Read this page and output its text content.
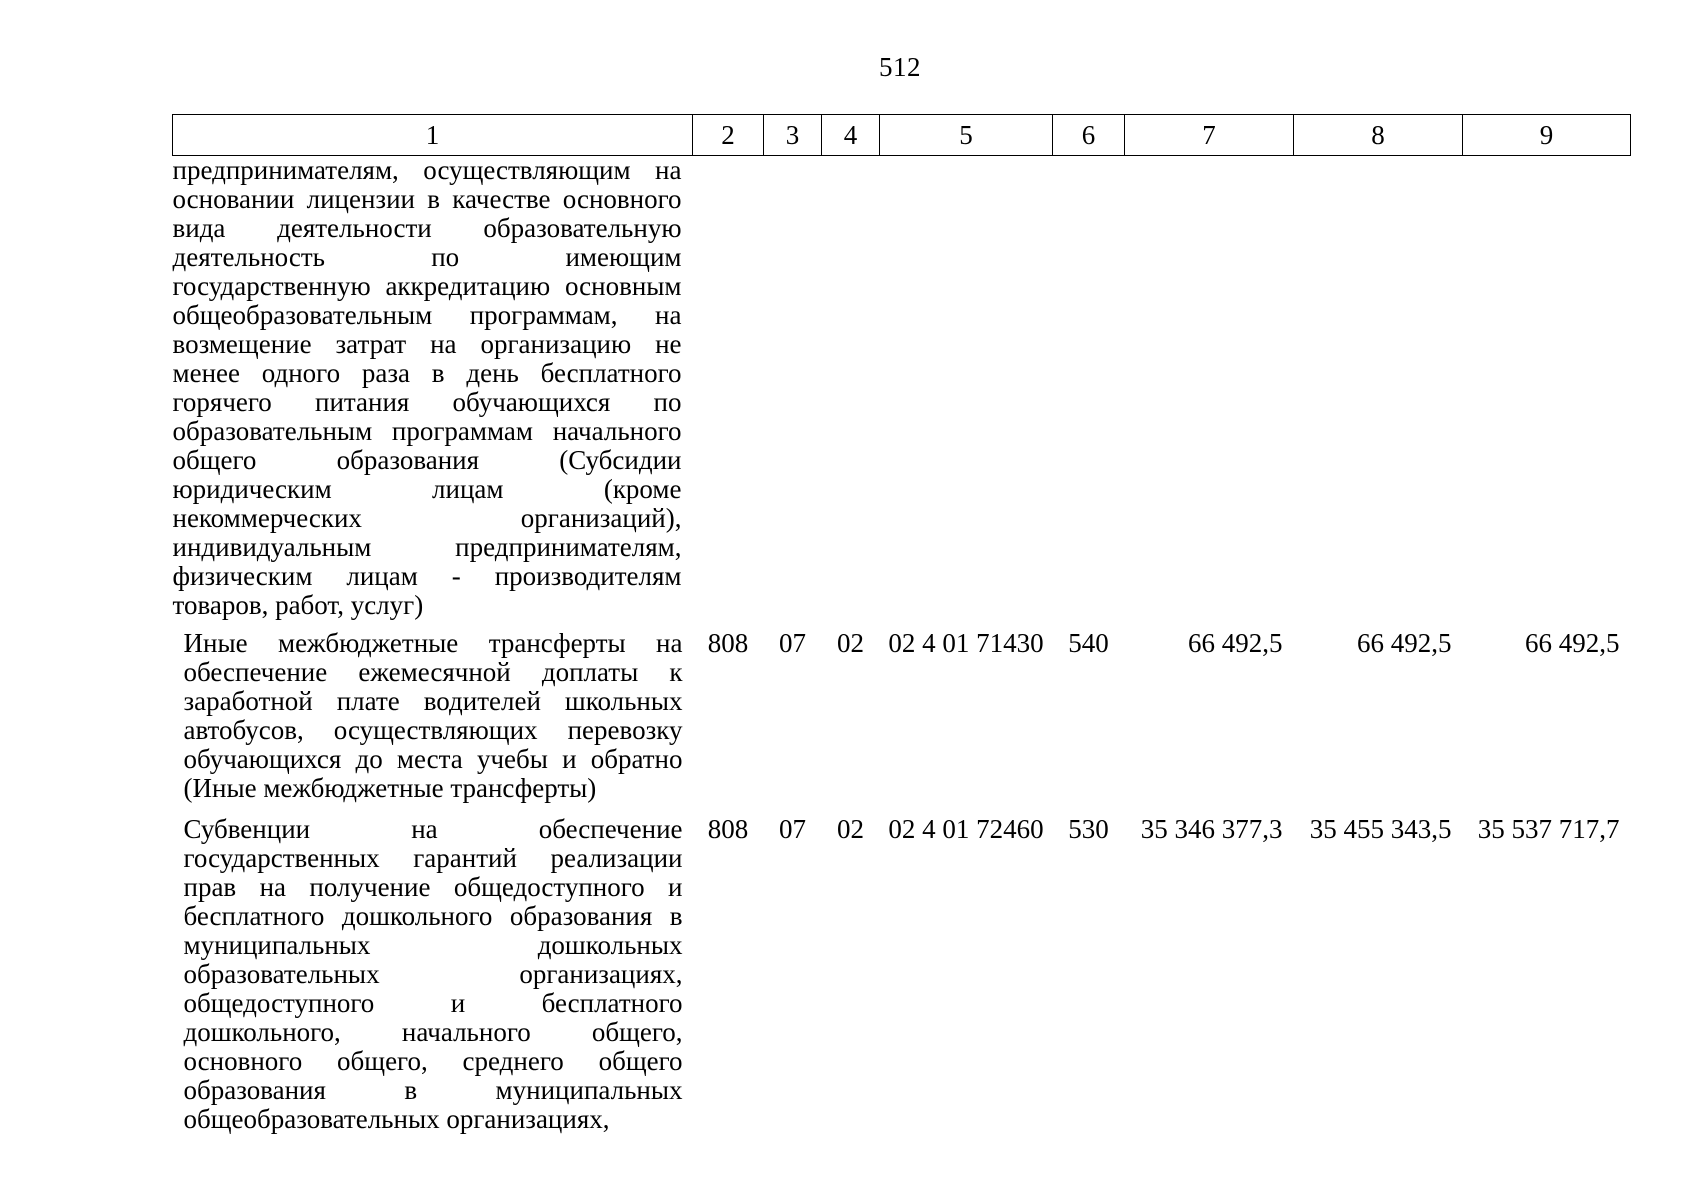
512
1	2	3	4	5	6	7	8	9
предпринимателям, осуществляющим на основании лицензии в качестве основного вида деятельности образовательную деятельность по имеющим государственную аккредитацию основным общеобразовательным программам, на возмещение затрат на организацию не менее одного раза в день бесплатного горячего питания обучающихся по образовательным программам начального общего образования (Субсидии юридическим лицам (кроме некоммерческих организаций), индивидуальным предпринимателям, физическим лицам - производителям товаров, работ, услуг)								
Иные межбюджетные трансферты на обеспечение ежемесячной доплаты к заработной плате водителей школьных автобусов, осуществляющих перевозку обучающихся до места учебы и обратно (Иные межбюджетные трансферты)	808	07	02	02 4 01 71430	540	66 492,5	66 492,5	66 492,5
Субвенции на обеспечение государственных гарантий реализации прав на получение общедоступного и бесплатного дошкольного образования в муниципальных дошкольных образовательных организациях, общедоступного и бесплатного дошкольного, начального общего, основного общего, среднего общего образования в муниципальных общеобразовательных организациях,	808	07	02	02 4 01 72460	530	35 346 377,3	35 455 343,5	35 537 717,7
